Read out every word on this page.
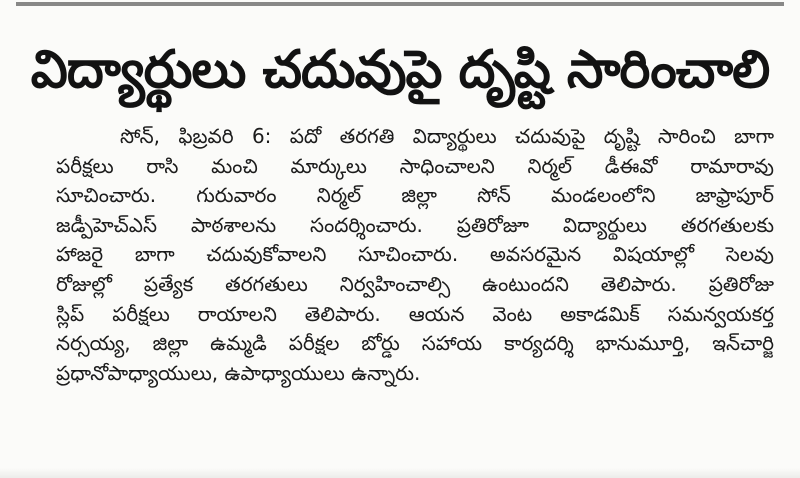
విద్యార్థులు చదువుపై దృష్టి సారించాలి
సోన్, ఫిబ్రవరి 6: పదో తరగతి విద్యార్థులు చదువుపై దృష్టి సారించి బాగా
పరీక్షలు రాసి మంచి మార్కులు సాధించాలని నిర్మల్ డీఈవో రామారావు
సూచించారు. గురువారం నిర్మల్ జిల్లా సోన్ మండలంలోని జాఫ్రాపూర్
జడ్పీహెచ్ఎస్ పాఠశాలను సందర్శించారు. ప్రతిరోజూ విద్యార్థులు తరగతులకు
హాజరై బాగా చదువుకోవాలని సూచించారు. అవసరమైన విషయాల్లో సెలవు
రోజుల్లో ప్రత్యేక తరగతులు నిర్వహించాల్సి ఉంటుందని తెలిపారు. ప్రతిరోజు
స్లిప్ పరీక్షలు రాయాలని తెలిపారు. ఆయన వెంట అకాడమిక్ సమన్వయకర్త
నర్సయ్య, జిల్లా ఉమ్మడి పరీక్షల బోర్డు సహాయ కార్యదర్శి భానుమూర్తి, ఇన్‌చార్జి
ప్రధానోపాధ్యాయులు, ఉపాధ్యాయులు ఉన్నారు.
